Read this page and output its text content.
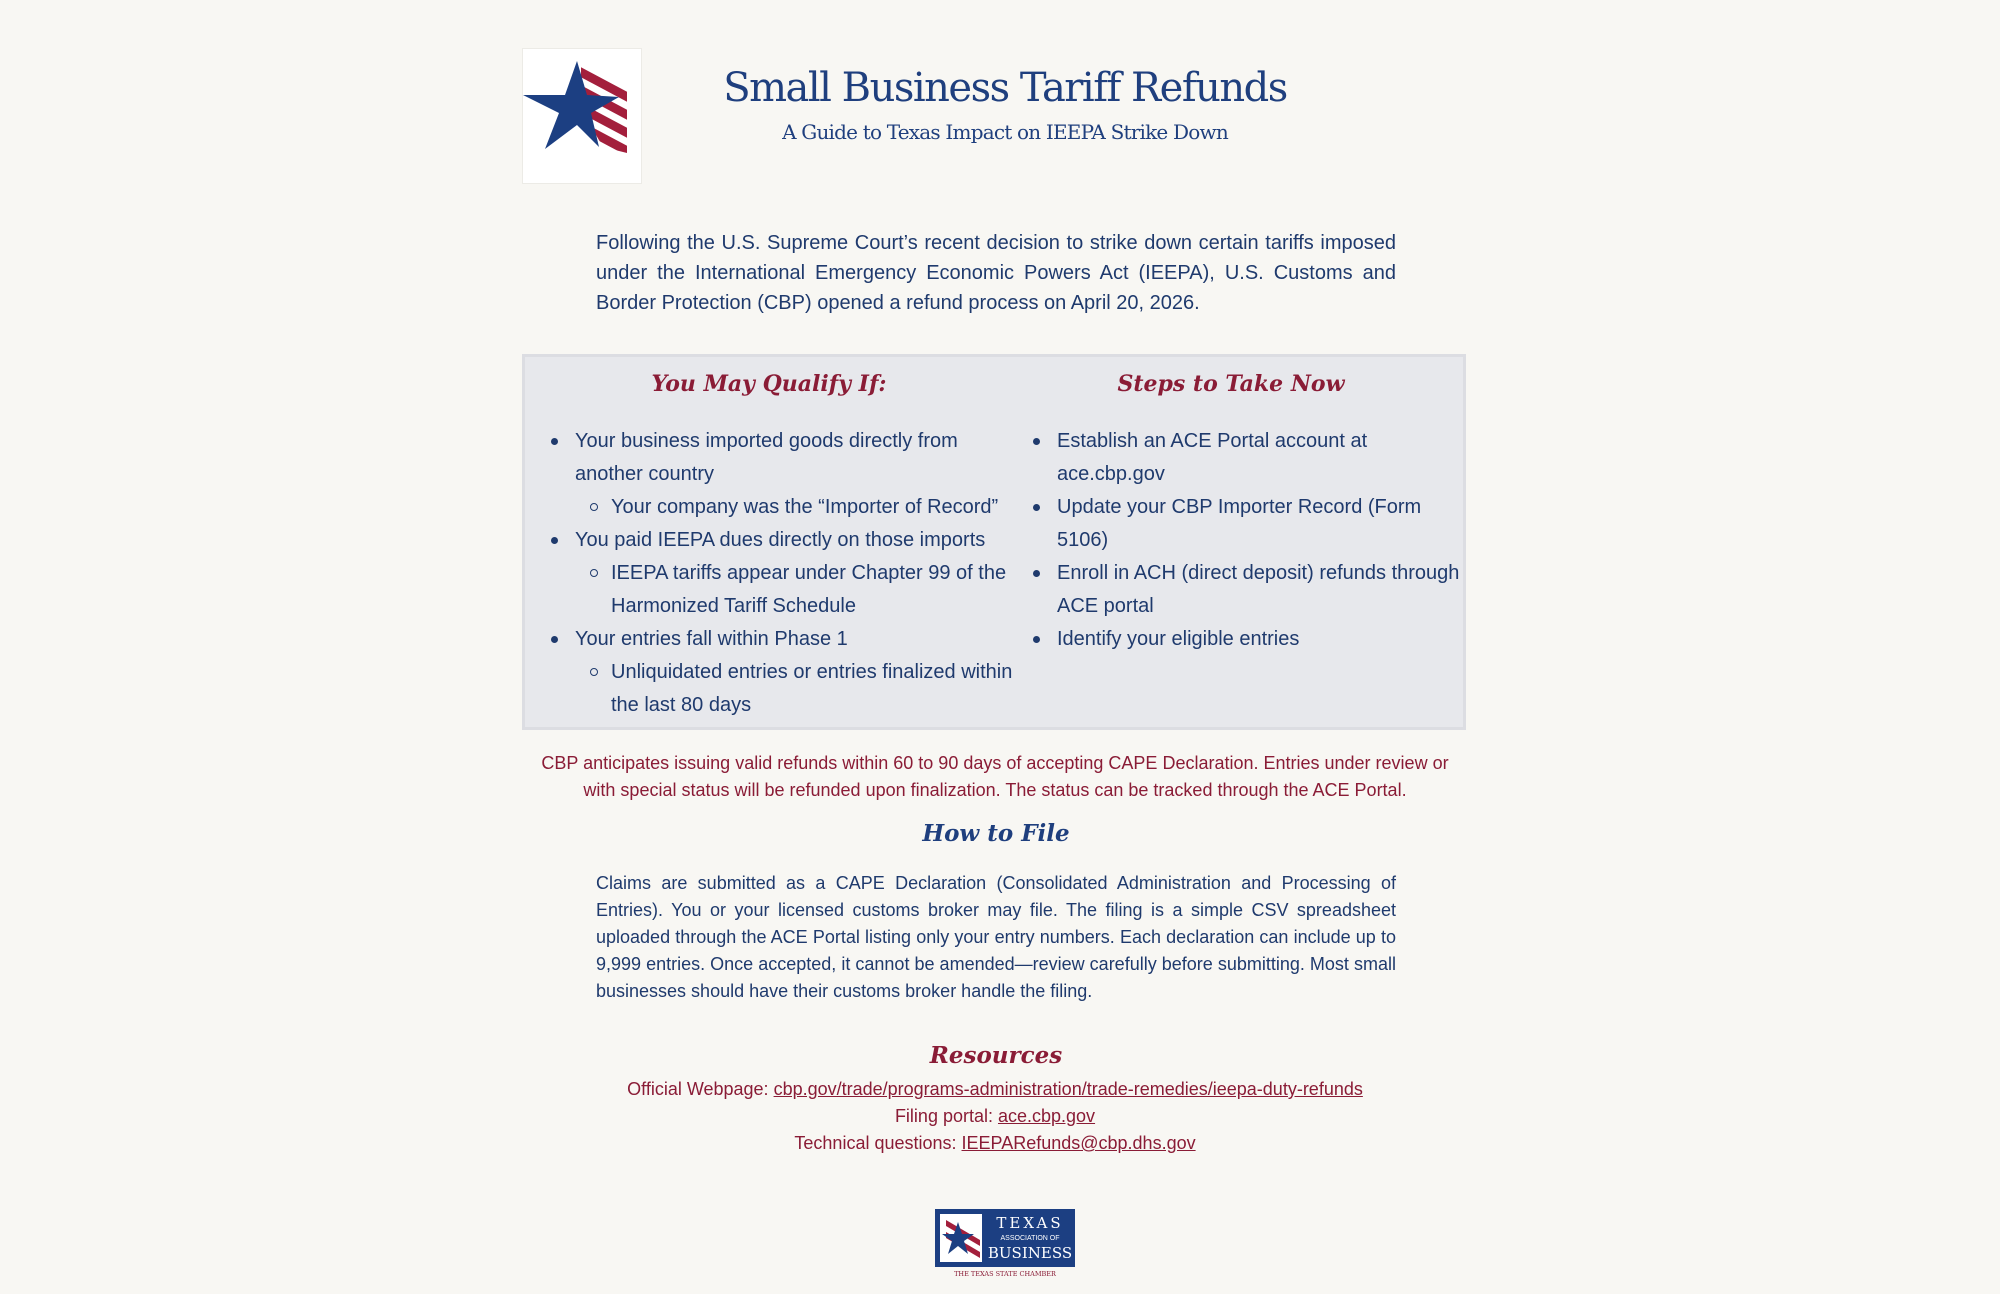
Small Business Tariff Refunds
A Guide to Texas Impact on IEEPA Strike Down

Following the U.S. Supreme Court’s recent decision to strike down certain tariffs imposed under the International Emergency Economic Powers Act (IEEPA), U.S. Customs and Border Protection (CBP) opened a refund process on April 20, 2026.

You May Qualify If:
Your business imported goods directly from another country
Your company was the “Importer of Record”
You paid IEEPA dues directly on those imports
IEEPA tariffs appear under Chapter 99 of the Harmonized Tariff Schedule
Your entries fall within Phase 1
Unliquidated entries or entries finalized within the last 80 days
Steps to Take Now
Establish an ACE Portal account at ace.cbp.gov
Update your CBP Importer Record (Form 5106)
Enroll in ACH (direct deposit) refunds through ACE portal
Identify your eligible entries
CBP anticipates issuing valid refunds within 60 to 90 days of accepting CAPE Declaration. Entries under review or with special status will be refunded upon finalization. The status can be tracked through the ACE Portal.
How to File

Claims are submitted as a CAPE Declaration (Consolidated Administration and Processing of Entries). You or your licensed customs broker may file. The filing is a simple CSV spreadsheet uploaded through the ACE Portal listing only your entry numbers. Each declaration can include up to 9,999 entries. Once accepted, it cannot be amended—review carefully before submitting. Most small businesses should have their customs broker handle the filing.

Resources
Official Webpage: cbp.gov/trade/programs-administration/trade-remedies/ieepa-duty-refunds
Filing portal: ace.cbp.gov
Technical questions: IEEPARefunds@cbp.dhs.gov
TEXAS
ASSOCIATION OF
BUSINESS
THE TEXAS STATE CHAMBER
